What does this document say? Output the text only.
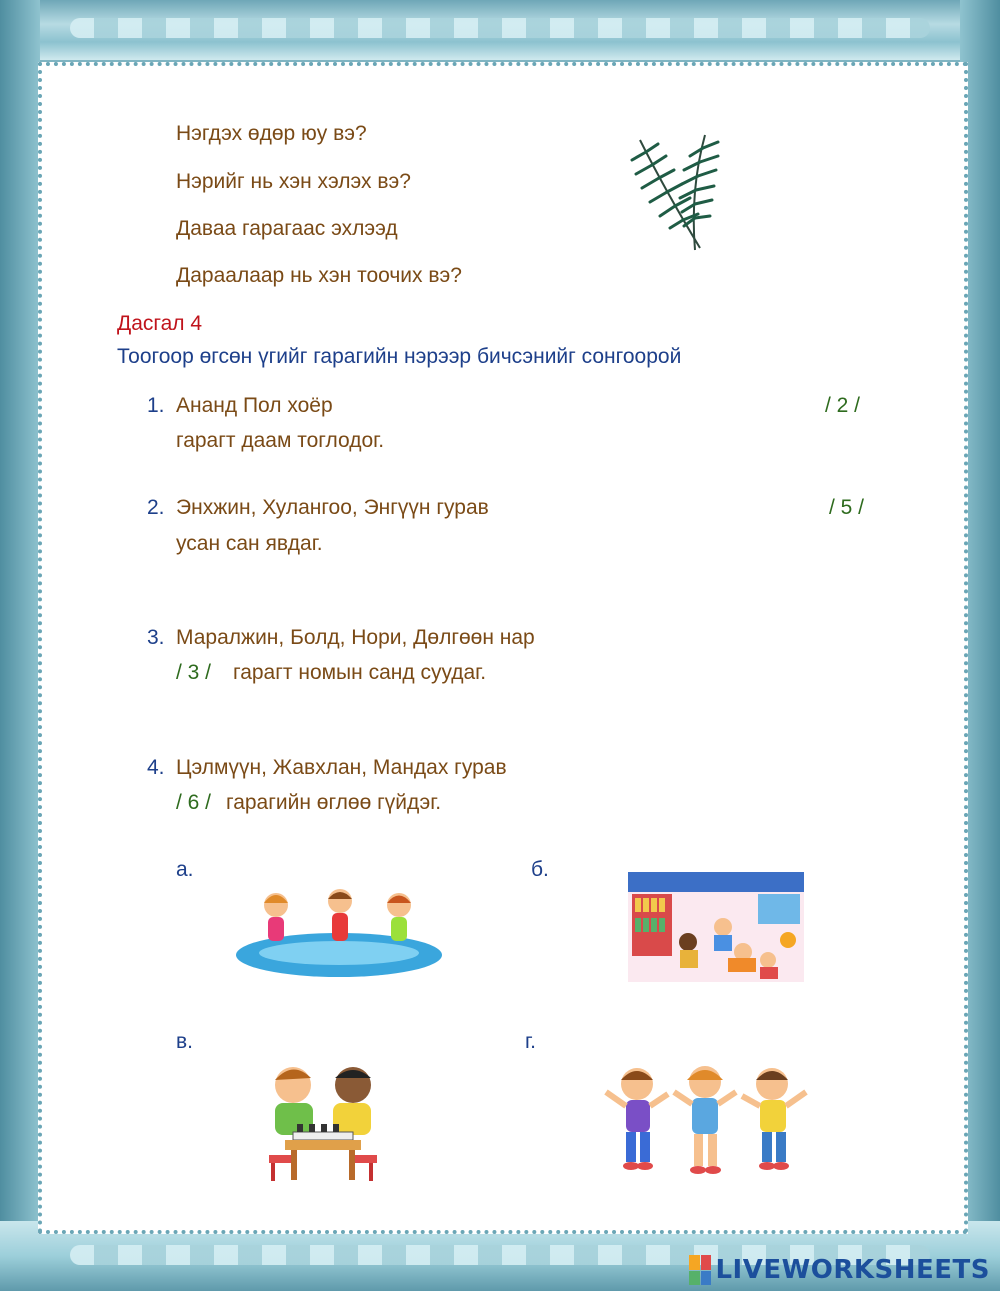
Нэгдэх өдөр юу вэ?
Нэрийг нь хэн хэлэх вэ?
Даваа гарагаас эхлээд
Дараалаар нь хэн тоочих вэ?
Дасгал 4
Тоогоор өгсөн үгийг гарагийн нэрээр бичсэнийг сонгоорой
1. Ананд Пол хоёр	/ 2 /
гарагт даам тоглодог.
2. Энхжин, Хулангоо, Энгүүн гурав	/ 5 /
усан сан явдаг.
3. Маралжин, Болд, Нори, Дөлгөөн нар
/ 3 / гарагт номын санд суудаг.
4. Цэлмүүн, Жавхлан, Мандах гурав
/ 6 / гарагийн өглөө гүйдэг.
а.	б.
в.	г.
LIVEWORKSHEETS
